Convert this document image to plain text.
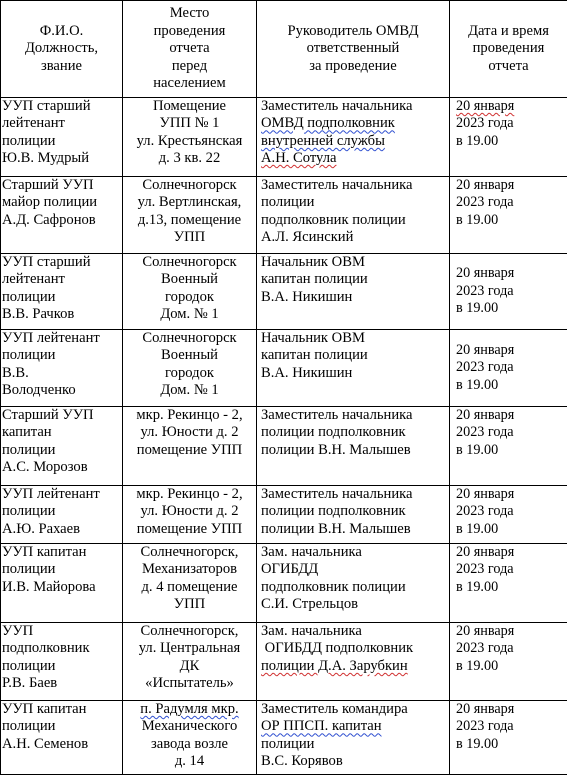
Ф.И.О.
Должность,
звание	Место
проведения
отчета
перед
населением	Руководитель ОМВД
ответственный
за проведение	Дата и время
проведения
отчета

УУП старший
лейтенант
полиции
Ю.В. Мудрый	Помещение
УПП № 1
ул. Крестьянская
д. 3 кв. 22	Заместитель начальника
ОМВД подполковник
внутренней службы
А.Н. Сотула	20 января
2023 года
в 19.00

Старший УУП
майор полиции
А.Д. Сафронов	Солнечногорск
ул. Вертлинская,
д.13, помещение
УПП	Заместитель начальника
полиции
подполковник полиции
А.Л. Ясинский	20 января
2023 года
в 19.00

УУП старший
лейтенант
полиции
В.В. Рачков	Солнечногорск
Военный
городок
Дом. № 1	Начальник ОВМ
капитан полиции
В.А. Никишин	20 января
2023 года
в 19.00

УУП лейтенант
полиции
В.В.
Володченко	Солнечногорск
Военный
городок
Дом. № 1	Начальник ОВМ
капитан полиции
В.А. Никишин	20 января
2023 года
в 19.00

Старший УУП
капитан
полиции
А.С. Морозов	мкр. Рекинцо - 2,
ул. Юности д. 2
помещение УПП	Заместитель начальника
полиции подполковник
полиции В.Н. Малышев	20 января
2023 года
в 19.00

УУП лейтенант
полиции
А.Ю. Рахаев	мкр. Рекинцо - 2,
ул. Юности д. 2
помещение УПП	Заместитель начальника
полиции подполковник
полиции В.Н. Малышев	20 января
2023 года
в 19.00

УУП капитан
полиции
И.В. Майорова	Солнечногорск,
Механизаторов
д. 4 помещение
УПП	Зам. начальника
ОГИБДД
подполковник полиции
С.И. Стрельцов	20 января
2023 года
в 19.00

УУП
подполковник
полиции
Р.В. Баев	Солнечногорск,
ул. Центральная
ДК
«Испытатель»	Зам. начальника
ОГИБДД подполковник
полиции Д.А. Зарубкин	20 января
2023 года
в 19.00

УУП капитан
полиции
А.Н. Семенов	п. Радумля мкр.
Механического
завода возле
д. 14	Заместитель командира
ОР ППСП. капитан
полиции
В.С. Корявов	20 января
2023 года
в 19.00
